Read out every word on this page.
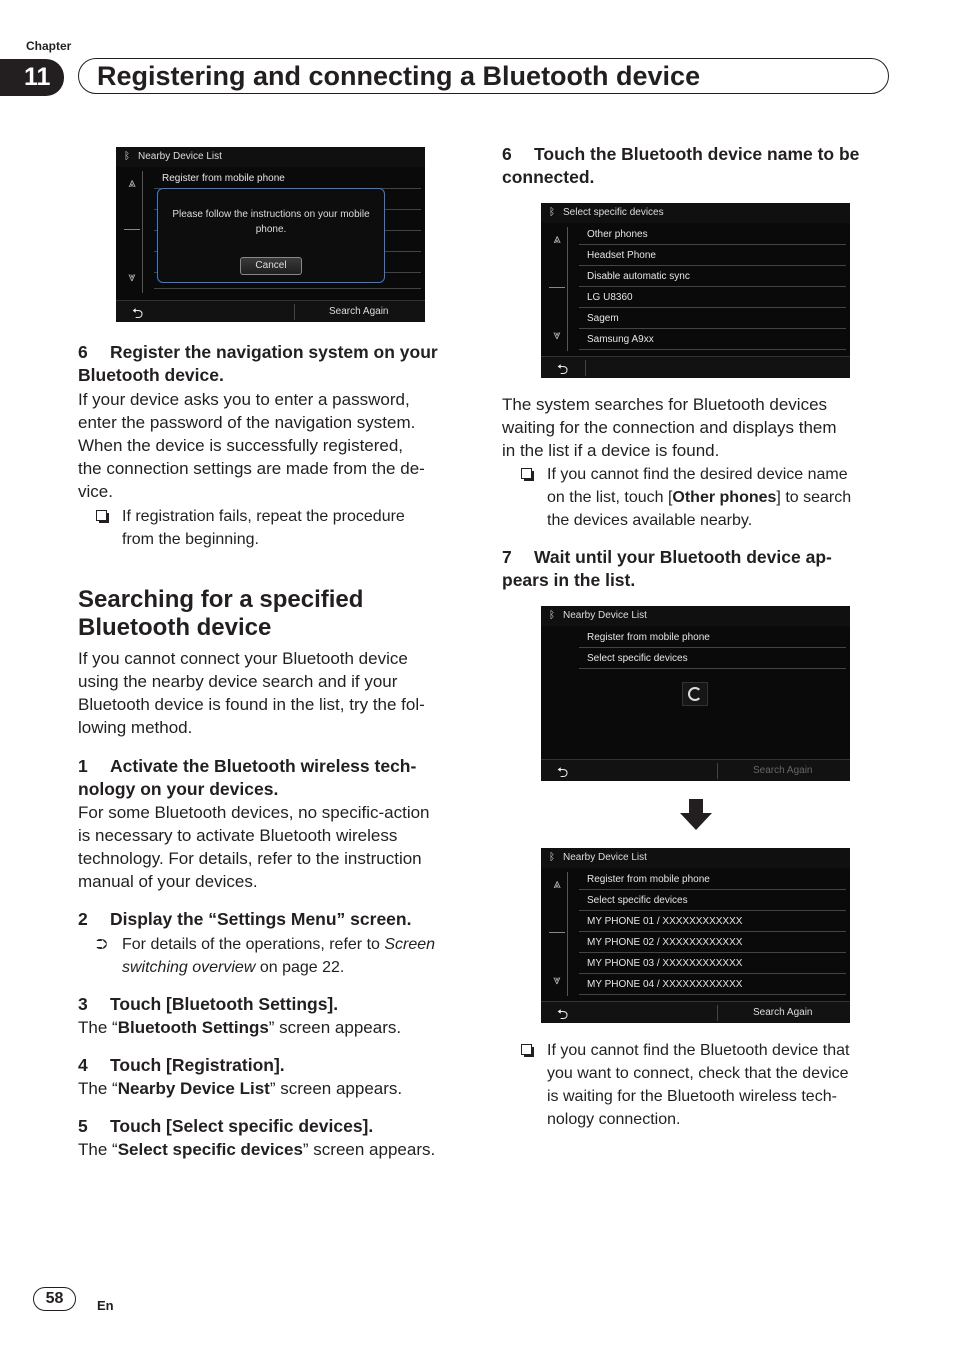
Chapter
11	Registering and connecting a Bluetooth device
ᛒ Nearby Device List
⩓
⩔
Register from mobile phone
Please follow the instructions on your mobile
phone.
Cancel
⮌	Search Again
6 Register the navigation system on your
Bluetooth device.
If your device asks you to enter a password,
enter the password of the navigation system.
When the device is successfully registered,
the connection settings are made from the de-
vice.
If registration fails, repeat the procedure
from the beginning.
Searching for a specified
Bluetooth device
If you cannot connect your Bluetooth device
using the nearby device search and if your
Bluetooth device is found in the list, try the fol-
lowing method.
1 Activate the Bluetooth wireless tech-
nology on your devices.
For some Bluetooth devices, no specific-action
is necessary to activate Bluetooth wireless
technology. For details, refer to the instruction
manual of your devices.
2 Display the “Settings Menu” screen.
⮊ For details of the operations, refer to Screen
switching overview on page 22.
3 Touch [Bluetooth Settings].
The “Bluetooth Settings” screen appears.
4 Touch [Registration].
The “Nearby Device List” screen appears.
5 Touch [Select specific devices].
The “Select specific devices” screen appears.
6 Touch the Bluetooth device name to be
connected.
ᛒ Select specific devices
⩓
⩔
Other phones
Headset Phone
Disable automatic sync
LG U8360
Sagem
Samsung A9xx
⮌
The system searches for Bluetooth devices
waiting for the connection and displays them
in the list if a device is found.
If you cannot find the desired device name
on the list, touch [Other phones] to search
the devices available nearby.
7 Wait until your Bluetooth device ap-
pears in the list.
ᛒ Nearby Device List
Register from mobile phone
Select specific devices
⮌	Search Again
ᛒ Nearby Device List
⩓
⩔
Register from mobile phone
Select specific devices
MY PHONE 01 / XXXXXXXXXXXX
MY PHONE 02 / XXXXXXXXXXXX
MY PHONE 03 / XXXXXXXXXXXX
MY PHONE 04 / XXXXXXXXXXXX
⮌	Search Again
If you cannot find the Bluetooth device that
you want to connect, check that the device
is waiting for the Bluetooth wireless tech-
nology connection.
58	En
